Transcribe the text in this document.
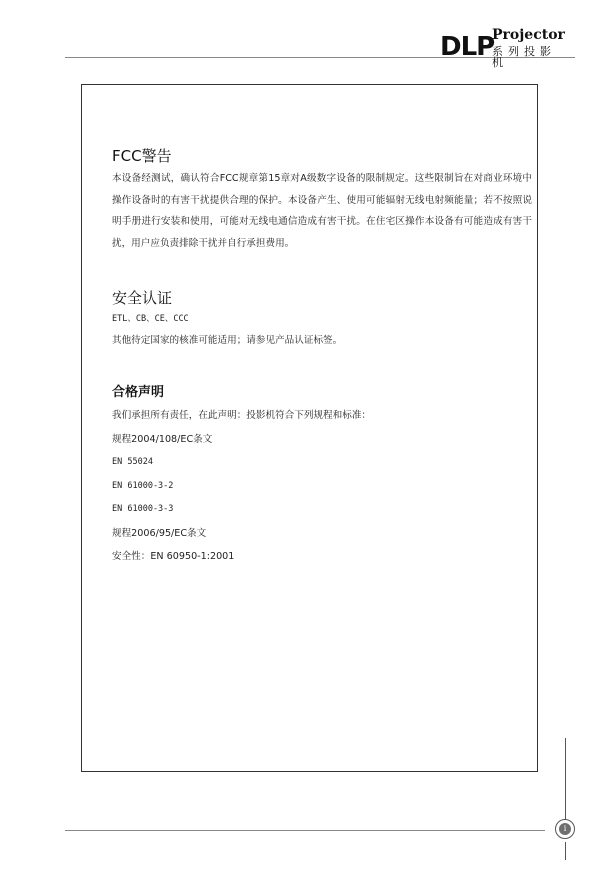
DLP
Projector
系列投影机
FCC警告

本设备经测试，确认符合FCC规章第15章对A级数字设备的限制规定。这些限制旨在对商业环境中操作设备时的有害干扰提供合理的保护。本设备产生、使用可能辐射无线电射频能量；若不按照说明手册进行安装和使用，可能对无线电通信造成有害干扰。在住宅区操作本设备有可能造成有害干扰，用户应负责排除干扰并自行承担费用。

安全认证

ETL、CB、CE、CCC

其他待定国家的核准可能适用；请参见产品认证标签。

合格声明

我们承担所有责任，在此声明：投影机符合下列规程和标准：

规程2004/108/EC条文

EN 55024

EN 61000-3-2

EN 61000-3-3

规程2006/95/EC条文

安全性：EN 60950-1:2001

i
